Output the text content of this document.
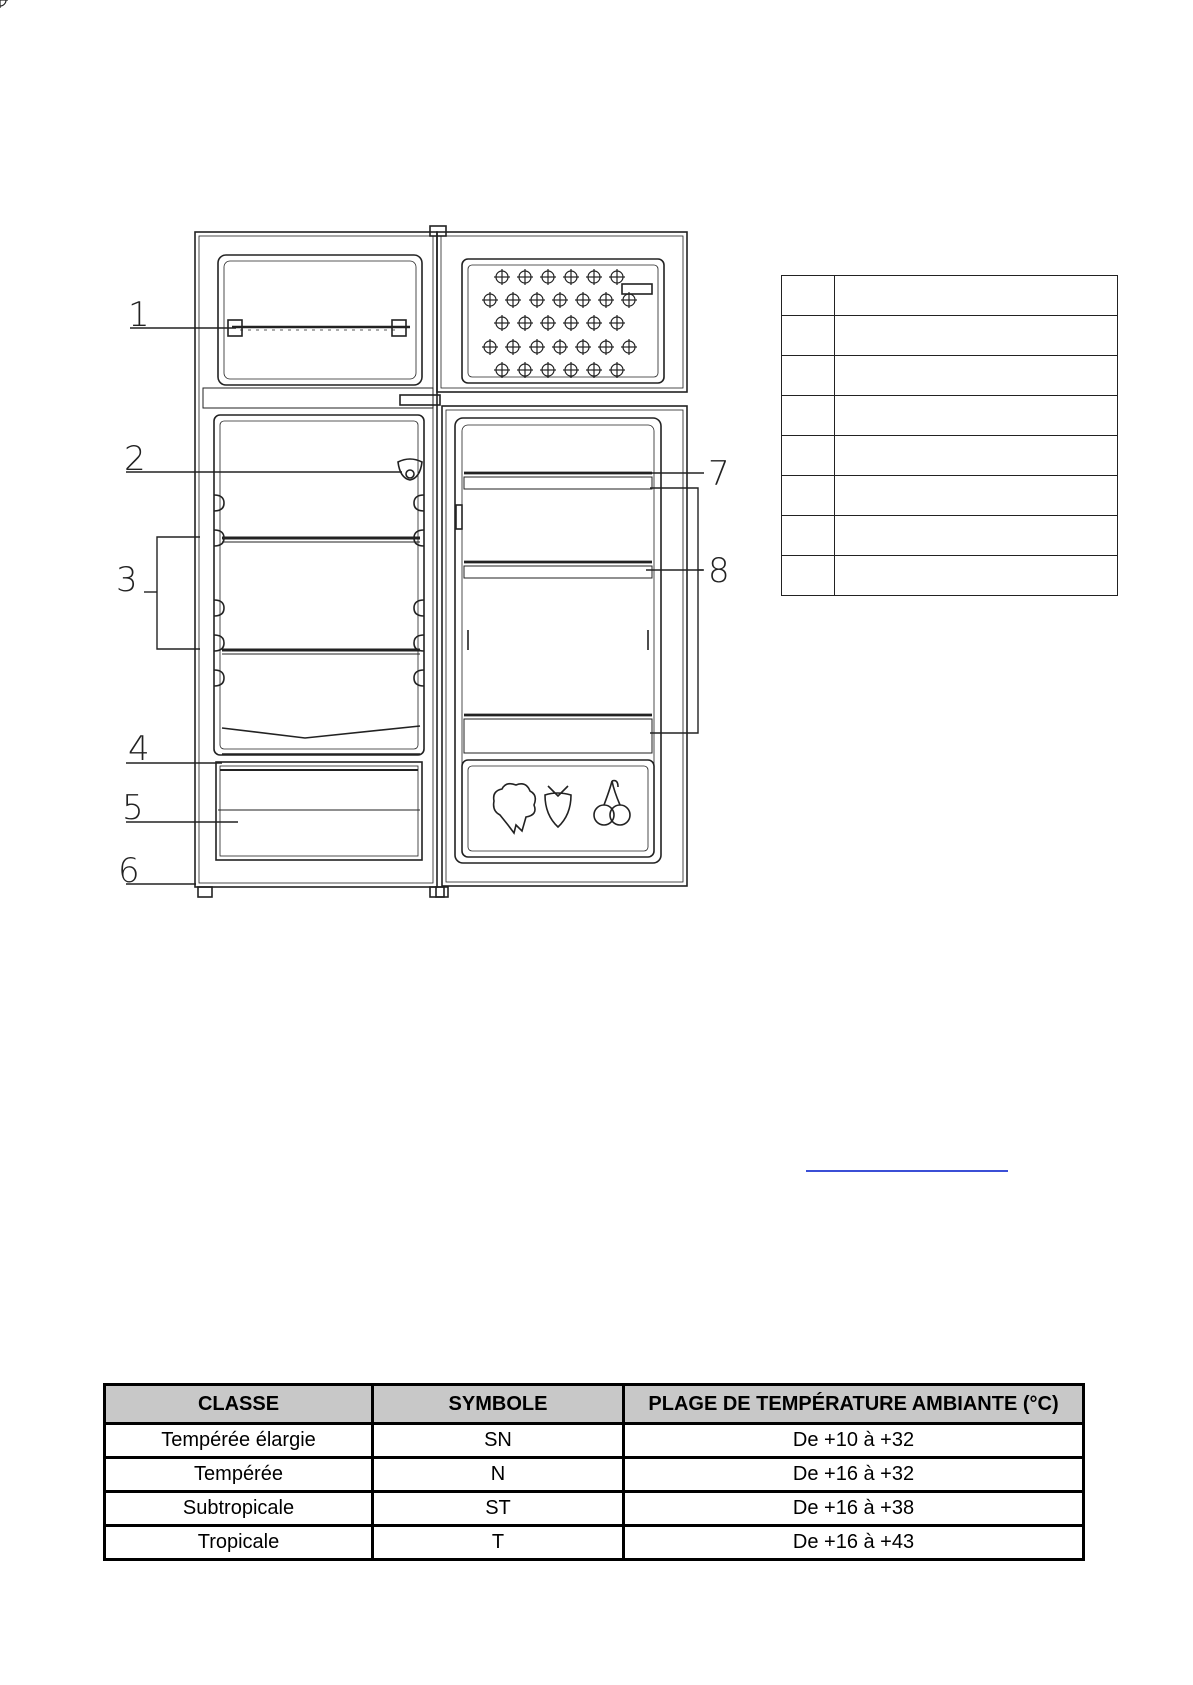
1
2
3
4
5
6
7
8

CLASSE	SYMBOLE	PLAGE DE TEMPÉRATURE AMBIANTE (°C)
Tempérée élargie	SN	De +10 à +32
Tempérée	N	De +16 à +32
Subtropicale	ST	De +16 à +38
Tropicale	T	De +16 à +43
